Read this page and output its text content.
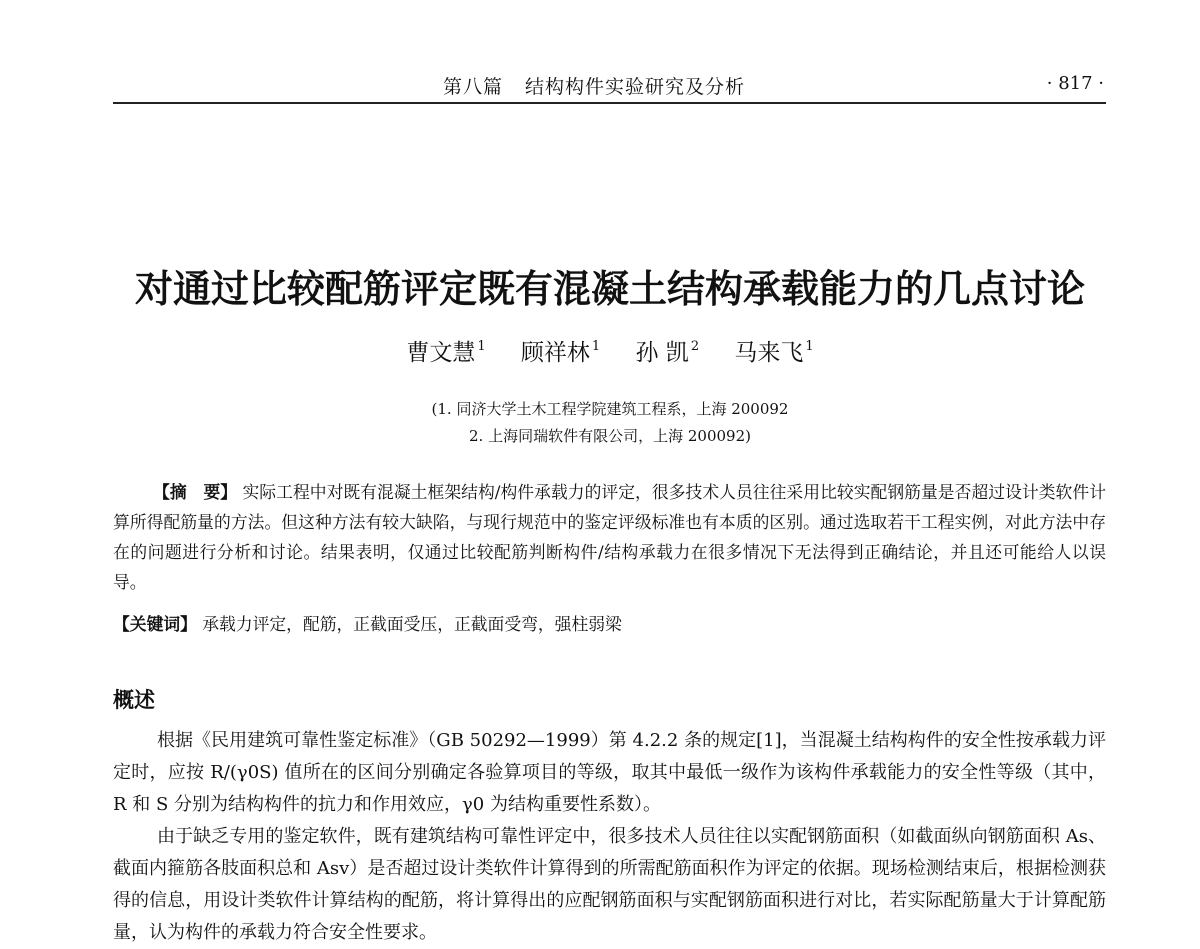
第八篇 结构构件实验研究及分析	· 817 ·
对通过比较配筋评定既有混凝土结构承载能力的几点讨论
曹文慧 $^1$ 顾祥林 $^1$ 孙 凯 $^2$ 马来飞 $^1$
(1. 同济大学土木工程学院建筑工程系，上海 200092
2. 上海同瑞软件有限公司，上海 200092)
【摘　要】 实际工程中对既有混凝土框架结构/构件承载力的评定，很多技术人员往往采用比较实配钢筋量是否超过设计类软件计算所得配筋量的方法。但这种方法有较大缺陷，与现行规范中的鉴定评级标准也有本质的区别。通过选取若干工程实例，对此方法中存在的问题进行分析和讨论。结果表明，仅通过比较配筋判断构件/结构承载力在很多情况下无法得到正确结论，并且还可能给人以误导。
【关键词】 承载力评定，配筋，正截面受压，正截面受弯，强柱弱梁
概述

根据《民用建筑可靠性鉴定标准》（GB 50292—1999）第 4.2.2 条的规定[1]，当混凝土结构构件的安全性按承载力评定时，应按 R/(γ0S) 值所在的区间分别确定各验算项目的等级，取其中最低一级作为该构件承载能力的安全性等级（其中，R 和 S 分别为结构构件的抗力和作用效应，γ0 为结构重要性系数）。

由于缺乏专用的鉴定软件，既有建筑结构可靠性评定中，很多技术人员往往以实配钢筋面积（如截面纵向钢筋面积 As、截面内箍筋各肢面积总和 Asv）是否超过设计类软件计算得到的所需配筋面积作为评定的依据。现场检测结束后，根据检测获得的信息，用设计类软件计算结构的配筋，将计算得出的应配钢筋面积与实配钢筋面积进行对比，若实际配筋量大于计算配筋量，认为构件的承载力符合安全性要求。
